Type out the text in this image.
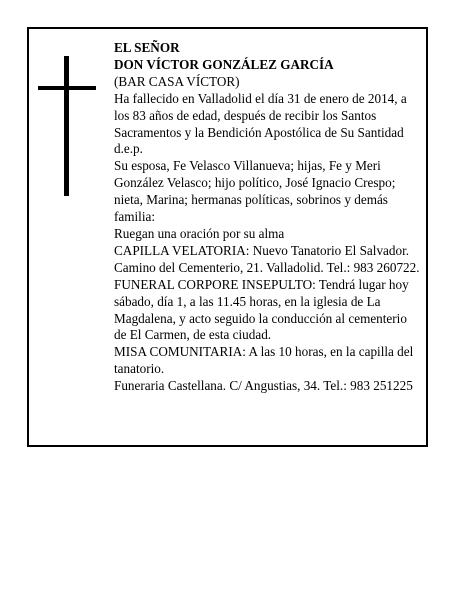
EL SEÑOR

DON VÍCTOR GONZÁLEZ GARCÍA

(BAR CASA VÍCTOR)

Ha fallecido en Valladolid el día 31 de enero de 2014, a los 83 años de edad, después de recibir los Santos Sacramentos y la Bendición Apostólica de Su Santidad d.e.p.

Su esposa, Fe Velasco Villanueva; hijas, Fe y Meri González Velasco; hijo político, José Ignacio Crespo; nieta, Marina; hermanas políticas, sobrinos y demás familia:

Ruegan una oración por su alma

CAPILLA VELATORIA: Nuevo Tanatorio El Salvador. Camino del Cementerio, 21. Valladolid. Tel.: 983 260722.

FUNERAL CORPORE INSEPULTO: Tendrá lugar hoy sábado, día 1, a las 11.45 horas, en la iglesia de La Magdalena, y acto seguido la conducción al cementerio de El Carmen, de esta ciudad.

MISA COMUNITARIA: A las 10 horas, en la capilla del tanatorio.

Funeraria Castellana. C/ Angustias, 34. Tel.: 983 251225
